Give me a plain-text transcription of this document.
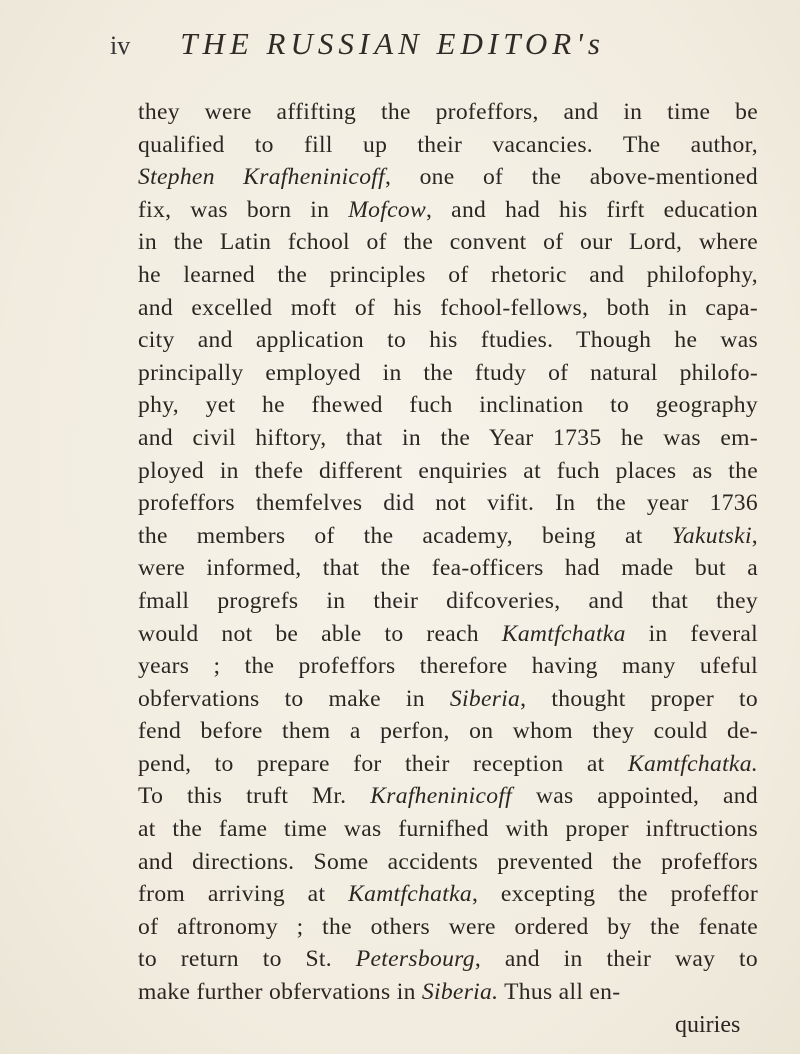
iv THE RUSSIAN EDITOR's
they were affifting the profeffors, and in time be
qualified to fill up their vacancies. The author,
Stephen Krafheninicoff, one of the above-mentioned
fix, was born in Mofcow, and had his firft education
in the Latin fchool of the convent of our Lord, where
he learned the principles of rhetoric and philofophy,
and excelled moft of his fchool-fellows, both in capa-
city and application to his ftudies. Though he was
principally employed in the ftudy of natural philofo-
phy, yet he fhewed fuch inclination to geography
and civil hiftory, that in the Year 1735 he was em-
ployed in thefe different enquiries at fuch places as the
profeffors themfelves did not vifit. In the year 1736
the members of the academy, being at Yakutski,
were informed, that the fea-officers had made but a
fmall progrefs in their difcoveries, and that they
would not be able to reach Kamtfchatka in feveral
years ; the profeffors therefore having many ufeful
obfervations to make in Siberia, thought proper to
fend before them a perfon, on whom they could de-
pend, to prepare for their reception at Kamtfchatka.
To this truft Mr. Krafheninicoff was appointed, and
at the fame time was furnifhed with proper inftructions
and directions. Some accidents prevented the profeffors
from arriving at Kamtfchatka, excepting the profeffor
of aftronomy ; the others were ordered by the fenate
to return to St. Petersbourg, and in their way to
make further obfervations in Siberia. Thus all en-
quiries
